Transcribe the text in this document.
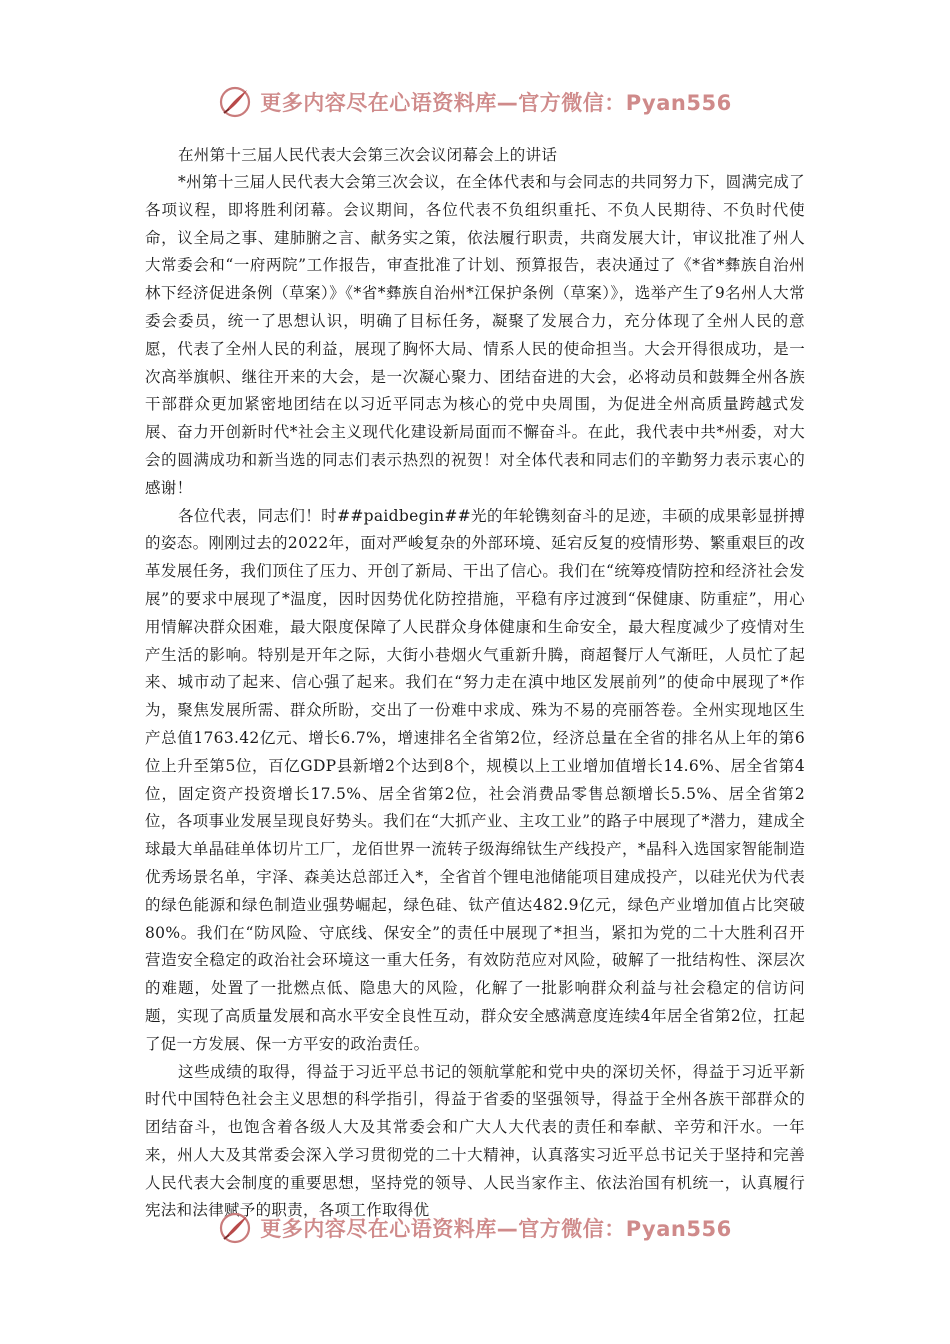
更多内容尽在心语资料库—官方微信：Pyan556
在州第十三届人民代表大会第三次会议闭幕会上的讲话

*州第十三届人民代表大会第三次会议，在全体代表和与会同志的共同努力下，圆满完成了各项议程，即将胜利闭幕。会议期间，各位代表不负组织重托、不负人民期待、不负时代使命，议全局之事、建肺腑之言、献务实之策，依法履行职责，共商发展大计，审议批准了州人大常委会和“一府两院”工作报告，审查批准了计划、预算报告，表决通过了《*省*彝族自治州林下经济促进条例（草案）》《*省*彝族自治州*江保护条例（草案）》，选举产生了9名州人大常委会委员，统一了思想认识，明确了目标任务，凝聚了发展合力，充分体现了全州人民的意愿，代表了全州人民的利益，展现了胸怀大局、情系人民的使命担当。大会开得很成功，是一次高举旗帜、继往开来的大会，是一次凝心聚力、团结奋进的大会，必将动员和鼓舞全州各族干部群众更加紧密地团结在以习近平同志为核心的党中央周围，为促进全州高质量跨越式发展、奋力开创新时代*社会主义现代化建设新局面而不懈奋斗。在此，我代表中共*州委，对大会的圆满成功和新当选的同志们表示热烈的祝贺！对全体代表和同志们的辛勤努力表示衷心的感谢！

各位代表，同志们！时##paidbegin##光的年轮镌刻奋斗的足迹，丰硕的成果彰显拼搏的姿态。刚刚过去的2022年，面对严峻复杂的外部环境、延宕反复的疫情形势、繁重艰巨的改革发展任务，我们顶住了压力、开创了新局、干出了信心。我们在“统筹疫情防控和经济社会发展”的要求中展现了*温度，因时因势优化防控措施，平稳有序过渡到“保健康、防重症”，用心用情解决群众困难，最大限度保障了人民群众身体健康和生命安全，最大程度减少了疫情对生产生活的影响。特别是开年之际，大街小巷烟火气重新升腾，商超餐厅人气渐旺，人员忙了起来、城市动了起来、信心强了起来。我们在“努力走在滇中地区发展前列”的使命中展现了*作为，聚焦发展所需、群众所盼，交出了一份难中求成、殊为不易的亮丽答卷。全州实现地区生产总值1763.42亿元、增长6.7%，增速排名全省第2位，经济总量在全省的排名从上年的第6位上升至第5位，百亿GDP县新增2个达到8个，规模以上工业增加值增长14.6%、居全省第4位，固定资产投资增长17.5%、居全省第2位，社会消费品零售总额增长5.5%、居全省第2位，各项事业发展呈现良好势头。我们在“大抓产业、主攻工业”的路子中展现了*潜力，建成全球最大单晶硅单体切片工厂，龙佰世界一流转子级海绵钛生产线投产，*晶科入选国家智能制造优秀场景名单，宇泽、森美达总部迁入*，全省首个锂电池储能项目建成投产，以硅光伏为代表的绿色能源和绿色制造业强势崛起，绿色硅、钛产值达482.9亿元，绿色产业增加值占比突破80%。我们在“防风险、守底线、保安全”的责任中展现了*担当，紧扣为党的二十大胜利召开营造安全稳定的政治社会环境这一重大任务，有效防范应对风险，破解了一批结构性、深层次的难题，处置了一批燃点低、隐患大的风险，化解了一批影响群众利益与社会稳定的信访问题，实现了高质量发展和高水平安全良性互动，群众安全感满意度连续4年居全省第2位，扛起了促一方发展、保一方平安的政治责任。

这些成绩的取得，得益于习近平总书记的领航掌舵和党中央的深切关怀，得益于习近平新时代中国特色社会主义思想的科学指引，得益于省委的坚强领导，得益于全州各族干部群众的团结奋斗，也饱含着各级人大及其常委会和广大人大代表的责任和奉献、辛劳和汗水。一年来，州人大及其常委会深入学习贯彻党的二十大精神，认真落实习近平总书记关于坚持和完善人民代表大会制度的重要思想，坚持党的领导、人民当家作主、依法治国有机统一，认真履行宪法和法律赋予的职责，各项工作取得优

更多内容尽在心语资料库—官方微信：Pyan556
